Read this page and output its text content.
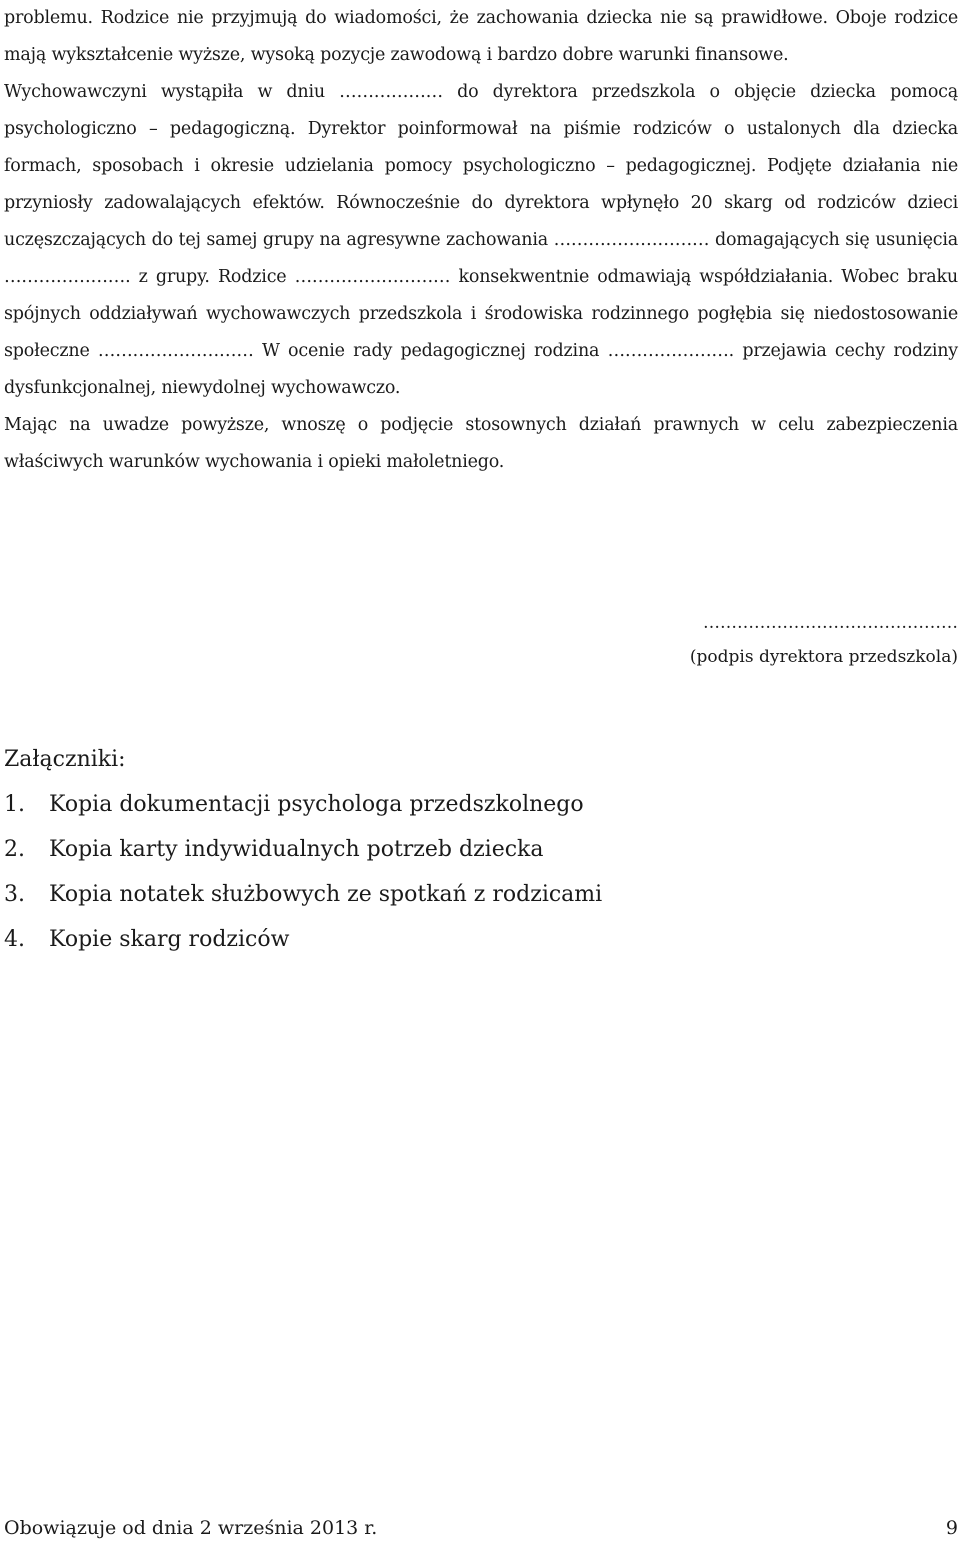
problemu. Rodzice nie przyjmują do wiadomości, że zachowania dziecka nie są prawidłowe. Oboje rodzice mają wykształcenie wyższe, wysoką pozycje zawodową i bardzo dobre warunki finansowe.

Wychowawczyni wystąpiła w dniu ……………… do dyrektora przedszkola o objęcie dziecka pomocą psychologiczno – pedagogiczną. Dyrektor poinformował na piśmie rodziców o ustalonych dla dziecka formach, sposobach i okresie udzielania pomocy psychologiczno – pedagogicznej. Podjęte działania nie przyniosły zadowalających efektów. Równocześnie do dyrektora wpłynęło 20 skarg od rodziców dzieci uczęszczających do tej samej grupy na agresywne zachowania ……………………… domagających się usunięcia …………………. z grupy. Rodzice ……………………… konsekwentnie odmawiają współdziałania. Wobec braku spójnych oddziaływań wychowawczych przedszkola i środowiska rodzinnego pogłębia się niedostosowanie społeczne ……………………… W ocenie rady pedagogicznej rodzina …………………. przejawia cechy rodziny dysfunkcjonalnej, niewydolnej wychowawczo.

Mając na uwadze powyższe, wnoszę o podjęcie stosownych działań prawnych w celu zabezpieczenia właściwych warunków wychowania i opieki małoletniego.

………………………………………
(podpis dyrektora przedszkola)
Załączniki:
1.	Kopia dokumentacji psychologa przedszkolnego
2.	Kopia karty indywidualnych potrzeb dziecka
3.	Kopia notatek służbowych ze spotkań z rodzicami
4.	Kopie skarg rodziców
Obowiązuje od dnia 2 września 2013 r.	9
